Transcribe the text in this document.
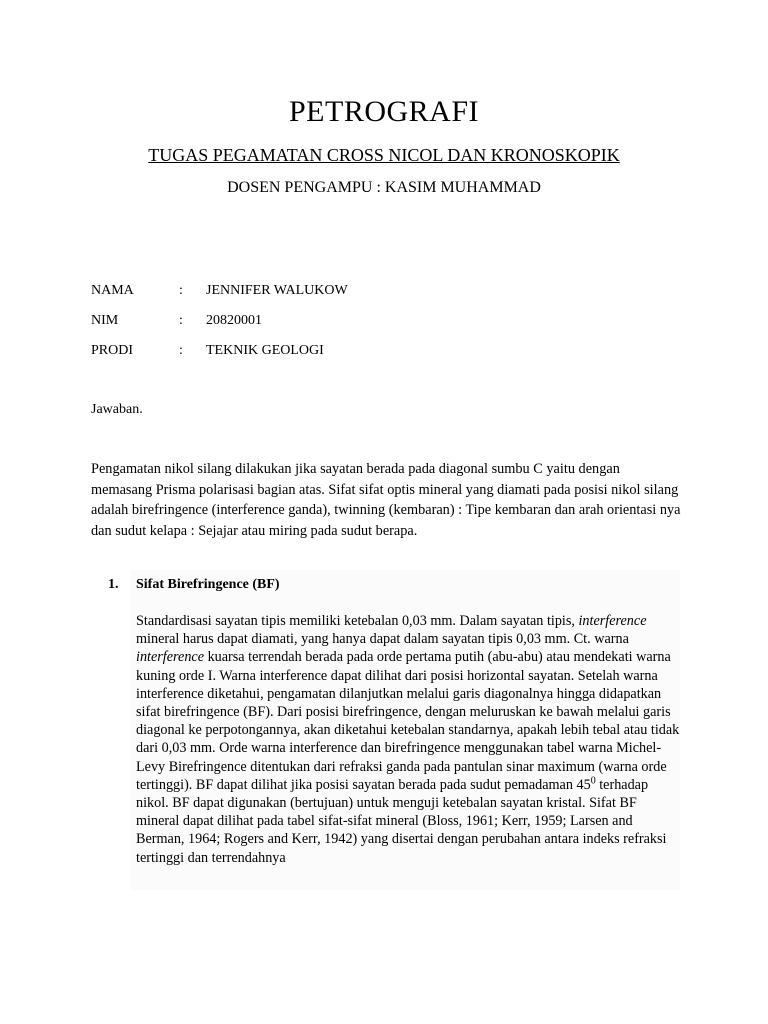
PETROGRAFI
TUGAS PEGAMATAN CROSS NICOL DAN KRONOSKOPIK
DOSEN PENGAMPU : KASIM MUHAMMAD
NAMA	:	JENNIFER WALUKOW
NIM	:	20820001
PRODI	:	TEKNIK GEOLOGI
Jawaban.

Pengamatan nikol silang dilakukan jika sayatan berada pada diagonal sumbu C yaitu dengan memasang Prisma polarisasi bagian atas. Sifat sifat optis mineral yang diamati pada posisi nikol silang adalah birefringence (interference ganda), twinning (kembaran) : Tipe kembaran dan arah orientasi nya dan sudut kelapa : Sejajar atau miring pada sudut berapa.

1. Sifat Birefringence (BF)

Standardisasi sayatan tipis memiliki ketebalan 0,03 mm. Dalam sayatan tipis, interference mineral harus dapat diamati, yang hanya dapat dalam sayatan tipis 0,03 mm. Ct. warna interference kuarsa terrendah berada pada orde pertama putih (abu-abu) atau mendekati warna kuning orde I. Warna interference dapat dilihat dari posisi horizontal sayatan. Setelah warna interference diketahui, pengamatan dilanjutkan melalui garis diagonalnya hingga didapatkan sifat birefringence (BF). Dari posisi birefringence, dengan meluruskan ke bawah melalui garis diagonal ke perpotongannya, akan diketahui ketebalan standarnya, apakah lebih tebal atau tidak dari 0,03 mm. Orde warna interference dan birefringence menggunakan tabel warna Michel-Levy Birefringence ditentukan dari refraksi ganda pada pantulan sinar maximum (warna orde tertinggi). BF dapat dilihat jika posisi sayatan berada pada sudut pemadaman $45^0$ terhadap nikol. BF dapat digunakan (bertujuan) untuk menguji ketebalan sayatan kristal. Sifat BF mineral dapat dilihat pada tabel sifat-sifat mineral (Bloss, 1961; Kerr, 1959; Larsen and Berman, 1964; Rogers and Kerr, 1942) yang disertai dengan perubahan antara indeks refraksi tertinggi dan terrendahnya
